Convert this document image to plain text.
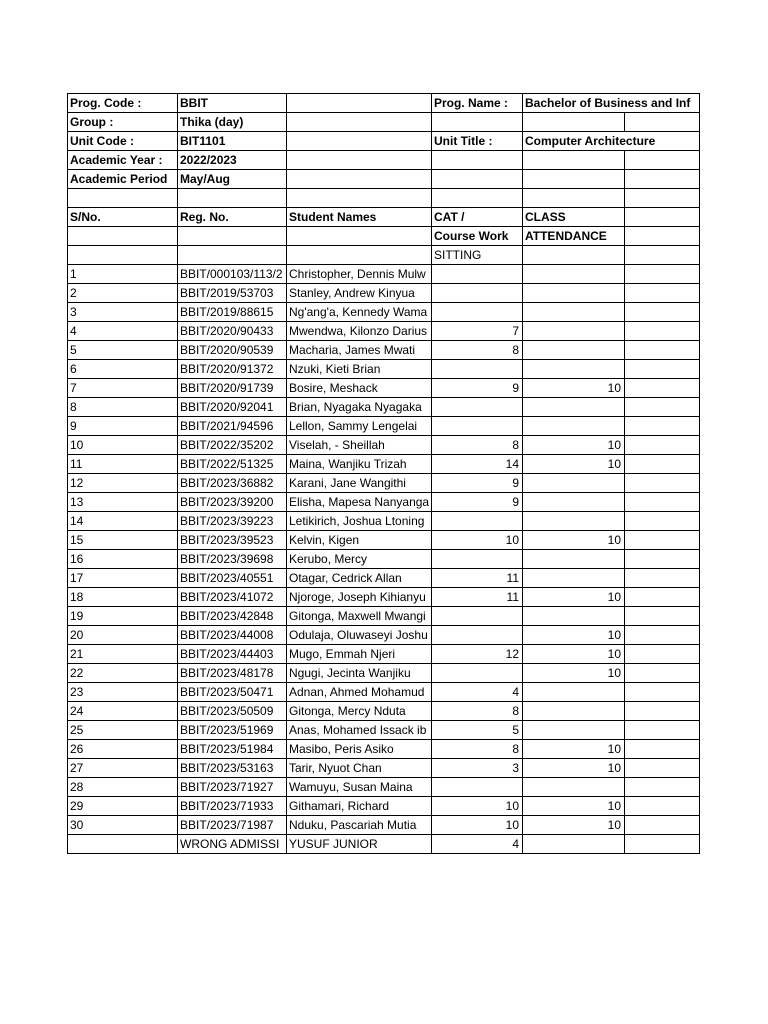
Prog. Code :	BBIT		Prog. Name :	Bachelor of Business and Inf	
Group :	Thika (day)				
Unit Code :	BIT1101		Unit Title :	Computer Architecture	
Academic Year :	2022/2023				
Academic Period	May/Aug				

S/No.	Reg. No.	Student Names	CAT /	CLASS	
			Course Work	ATTENDANCE	
			SITTING		
1	BBIT/000103/113/2	Christopher, Dennis Mulw			
2	BBIT/2019/53703	Stanley, Andrew Kinyua			
3	BBIT/2019/88615	Ng'ang'a, Kennedy Wama			
4	BBIT/2020/90433	Mwendwa, Kilonzo Darius	7		
5	BBIT/2020/90539	Macharia, James Mwati	8		
6	BBIT/2020/91372	Nzuki, Kieti Brian			
7	BBIT/2020/91739	Bosire, Meshack	9	10	
8	BBIT/2020/92041	Brian, Nyagaka Nyagaka			
9	BBIT/2021/94596	Lellon, Sammy Lengelai			
10	BBIT/2022/35202	Viselah, - Sheillah	8	10	
11	BBIT/2022/51325	Maina, Wanjiku Trizah	14	10	
12	BBIT/2023/36882	Karani, Jane Wangithi	9		
13	BBIT/2023/39200	Elisha, Mapesa Nanyanga	9		
14	BBIT/2023/39223	Letikirich, Joshua Ltoning			
15	BBIT/2023/39523	Kelvin, Kigen	10	10	
16	BBIT/2023/39698	Kerubo, Mercy			
17	BBIT/2023/40551	Otagar, Cedrick Allan	11		
18	BBIT/2023/41072	Njoroge, Joseph Kihianyu	11	10	
19	BBIT/2023/42848	Gitonga, Maxwell Mwangi			
20	BBIT/2023/44008	Odulaja, Oluwaseyi Joshu		10	
21	BBIT/2023/44403	Mugo, Emmah Njeri	12	10	
22	BBIT/2023/48178	Ngugi, Jecinta Wanjiku		10	
23	BBIT/2023/50471	Adnan, Ahmed Mohamud	4		
24	BBIT/2023/50509	Gitonga, Mercy Nduta	8		
25	BBIT/2023/51969	Anas, Mohamed Issack ib	5		
26	BBIT/2023/51984	Masibo, Peris Asiko	8	10	
27	BBIT/2023/53163	Tarir, Nyuot Chan	3	10	
28	BBIT/2023/71927	Wamuyu, Susan Maina			
29	BBIT/2023/71933	Githamari, Richard	10	10	
30	BBIT/2023/71987	Nduku, Pascariah Mutia	10	10	
	WRONG ADMISSI	YUSUF JUNIOR	4		
